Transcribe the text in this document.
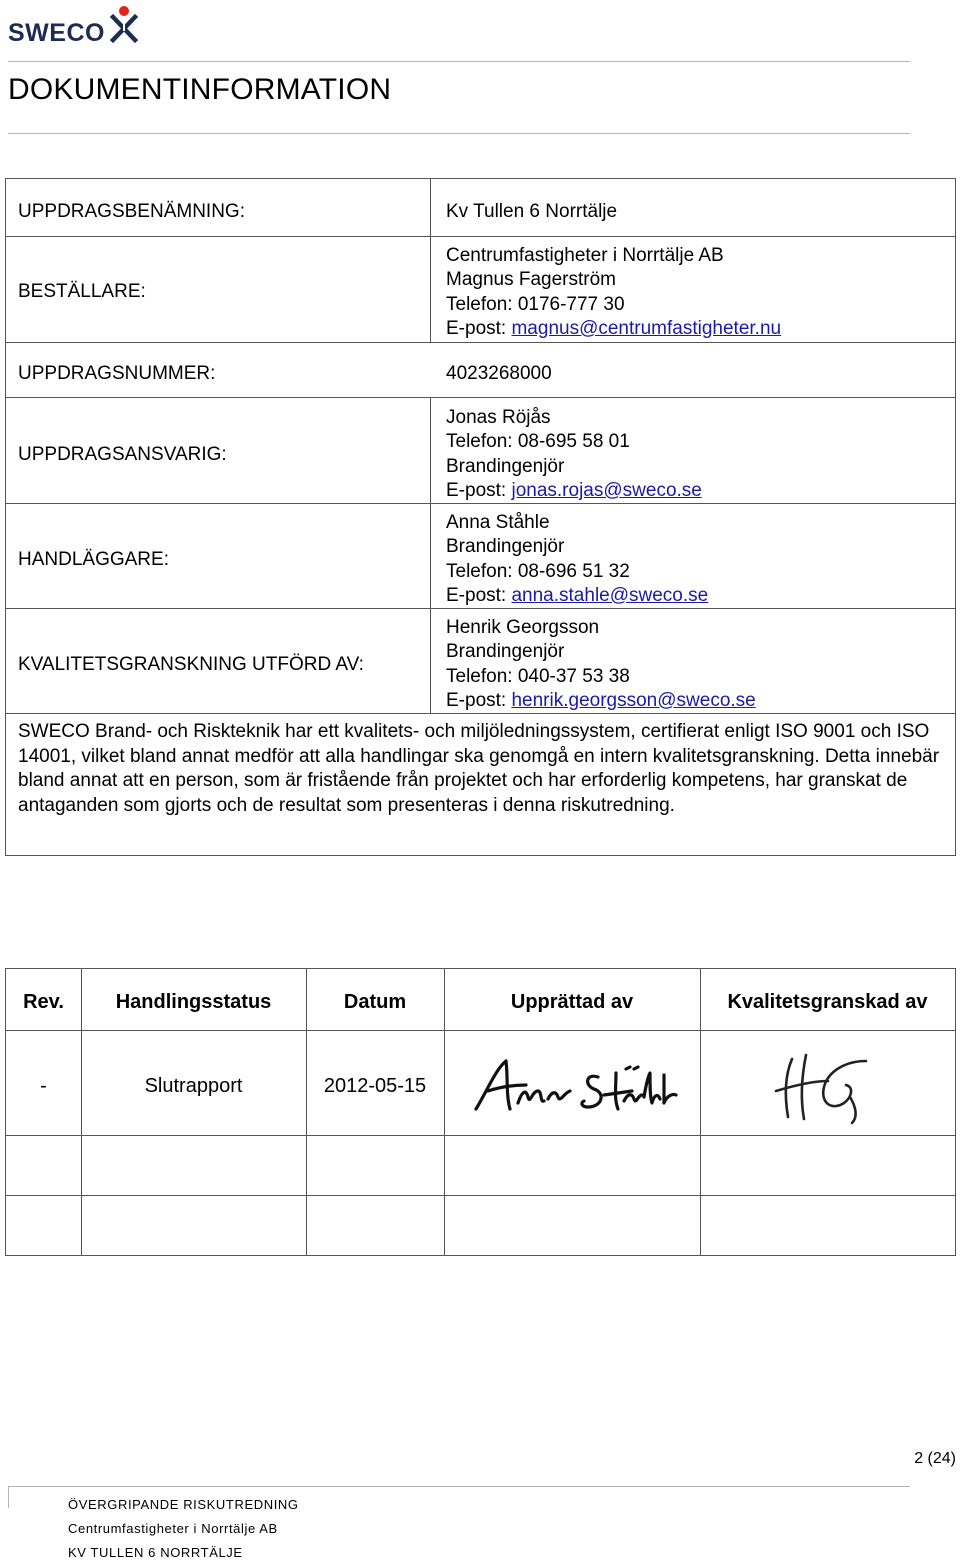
SWECO
DOKUMENTINFORMATION
UPPDRAGSBENÄMNING:	Kv Tullen 6 Norrtälje
BESTÄLLARE:
Centrumfastigheter i Norrtälje AB
Magnus Fagerström
Telefon: 0176-777 30
E-post: magnus@centrumfastigheter.nu
UPPDRAGSNUMMER:	4023268000
UPPDRAGSANSVARIG:
Jonas Röjås
Telefon: 08-695 58 01
Brandingenjör
E-post: jonas.rojas@sweco.se
HANDLÄGGARE:
Anna Ståhle
Brandingenjör
Telefon: 08-696 51 32
E-post: anna.stahle@sweco.se
KVALITETSGRANSKNING UTFÖRD AV:
Henrik Georgsson
Brandingenjör
Telefon: 040-37 53 38
E-post: henrik.georgsson@sweco.se
SWECO Brand- och Riskteknik har ett kvalitets- och miljöledningssystem, certifierat enligt ISO 9001 och ISO 14001, vilket bland annat medför att alla handlingar ska genomgå en intern kvalitetsgranskning. Detta innebär bland annat att en person, som är fristående från projektet och har erforderlig kompetens, har granskat de antaganden som gjorts och de resultat som presenteras i denna riskutredning.
Rev.	Handlingsstatus	Datum	Upprättad av	Kvalitetsgranskad av
-	Slutrapport	2012-05-15
2 (24)
ÖVERGRIPANDE RISKUTREDNING
Centrumfastigheter i Norrtälje AB
KV TULLEN 6 NORRTÄLJE
